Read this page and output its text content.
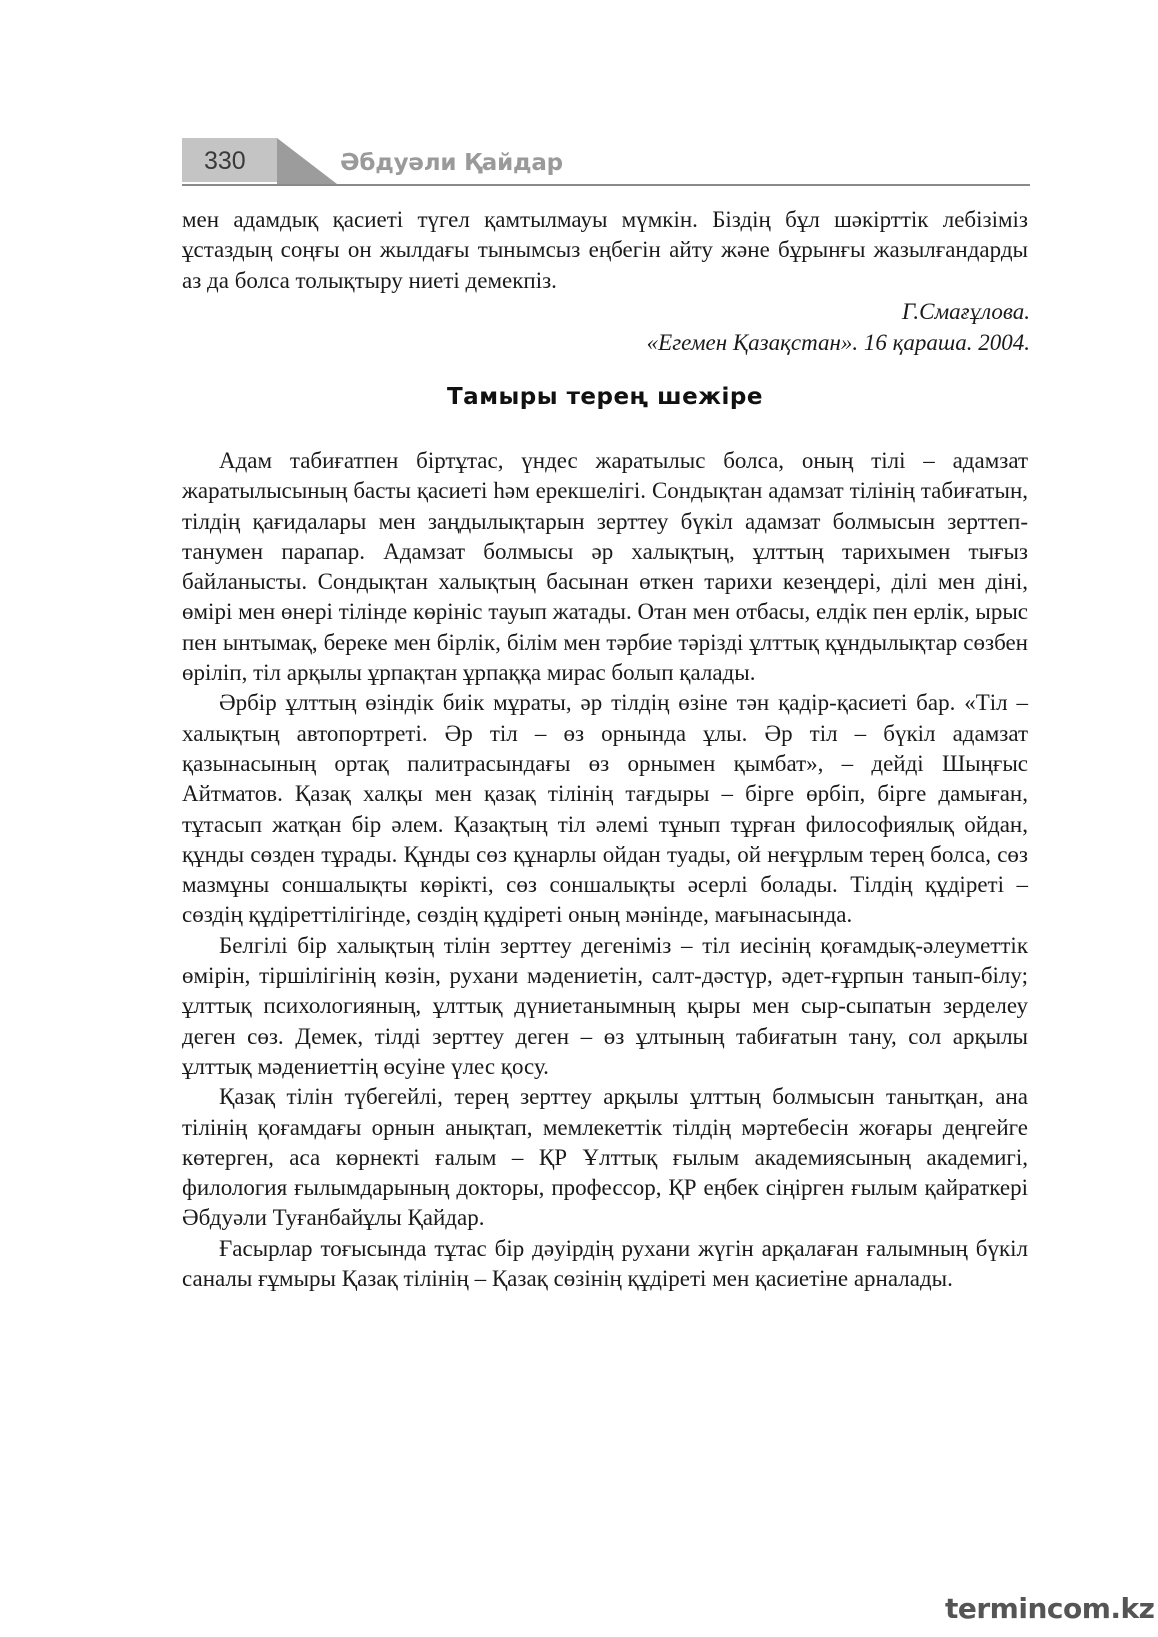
330	Әбдуәли Қайдар

мен адамдық қасиеті түгел қамтылмауы мүмкін. Біздің бұл шәкірттік лебізіміз ұстаздың соңғы он жылдағы тынымсыз еңбегін айту және бұрынғы жазылғандарды аз да болса толықтыру ниеті демекпіз.

Г.Смағұлова.
«Егемен Қазақстан». 16 қараша. 2004.
Тамыры терең шежіре

Адам табиғатпен біртұтас, үндес жаратылыс болса, оның тілі – адамзат жаратылысының басты қасиеті һәм ерекшелігі. Сондықтан адамзат тілінің табиғатын, тілдің қағидалары мен заңдылықтарын зерттеу бүкіл адамзат болмысын зерттеп-танумен парапар. Адамзат болмысы әр халықтың, ұлттың тарихымен тығыз байланысты. Сондықтан халықтың басынан өткен тарихи кезеңдері, ділі мен діні, өмірі мен өнері тілінде көрініс тауып жатады. Отан мен отбасы, елдік пен ерлік, ырыс пен ынтымақ, береке мен бірлік, білім мен тәрбие тәрізді ұлттық құндылықтар сөзбен өріліп, тіл арқылы ұрпақтан ұрпаққа мирас болып қалады.

Әрбір ұлттың өзіндік биік мұраты, әр тілдің өзіне тән қадір-қасиеті бар. «Тіл – халықтың автопортреті. Әр тіл – өз орнында ұлы. Әр тіл – бүкіл адамзат қазынасының ортақ палитрасындағы өз орнымен қымбат», – дейді Шыңғыс Айтматов. Қазақ халқы мен қазақ тілінің тағдыры – бірге өрбіп, бірге дамыған, тұтасып жатқан бір әлем. Қазақтың тіл әлемі тұнып тұрған философиялық ойдан, құнды сөзден тұрады. Құнды сөз құнарлы ойдан туады, ой неғұрлым терең болса, сөз мазмұны соншалықты көрікті, сөз соншалықты әсерлі болады. Тілдің құдіреті – сөздің құдіреттілігінде, сөздің құдіреті оның мәнінде, мағынасында.

Белгілі бір халықтың тілін зерттеу дегеніміз – тіл иесінің қоғамдық-әлеуметтік өмірін, тіршілігінің көзін, рухани мәдениетін, салт-дәстүр, әдет-ғұрпын танып-білу; ұлттық психологияның, ұлттық дүниетанымның қыры мен сыр-сыпатын зерделеу деген сөз. Демек, тілді зерттеу деген – өз ұлтының табиғатын тану, сол арқылы ұлттық мәдениеттің өсуіне үлес қосу.

Қазақ тілін түбегейлі, терең зерттеу арқылы ұлттың болмысын танытқан, ана тілінің қоғамдағы орнын анықтап, мемлекеттік тілдің мәртебесін жоғары деңгейге көтерген, аса көрнекті ғалым – ҚР Ұлттық ғылым академиясының академигі, филология ғылымдарының докторы, профессор, ҚР еңбек сіңірген ғылым қайраткері Әбдуәли Туғанбайұлы Қайдар.

Ғасырлар тоғысында тұтас бір дәуірдің рухани жүгін арқалаған ғалымның бүкіл саналы ғұмыры Қазақ тілінің – Қазақ сөзінің құдіреті мен қасиетіне арналады.

termincom.kz
